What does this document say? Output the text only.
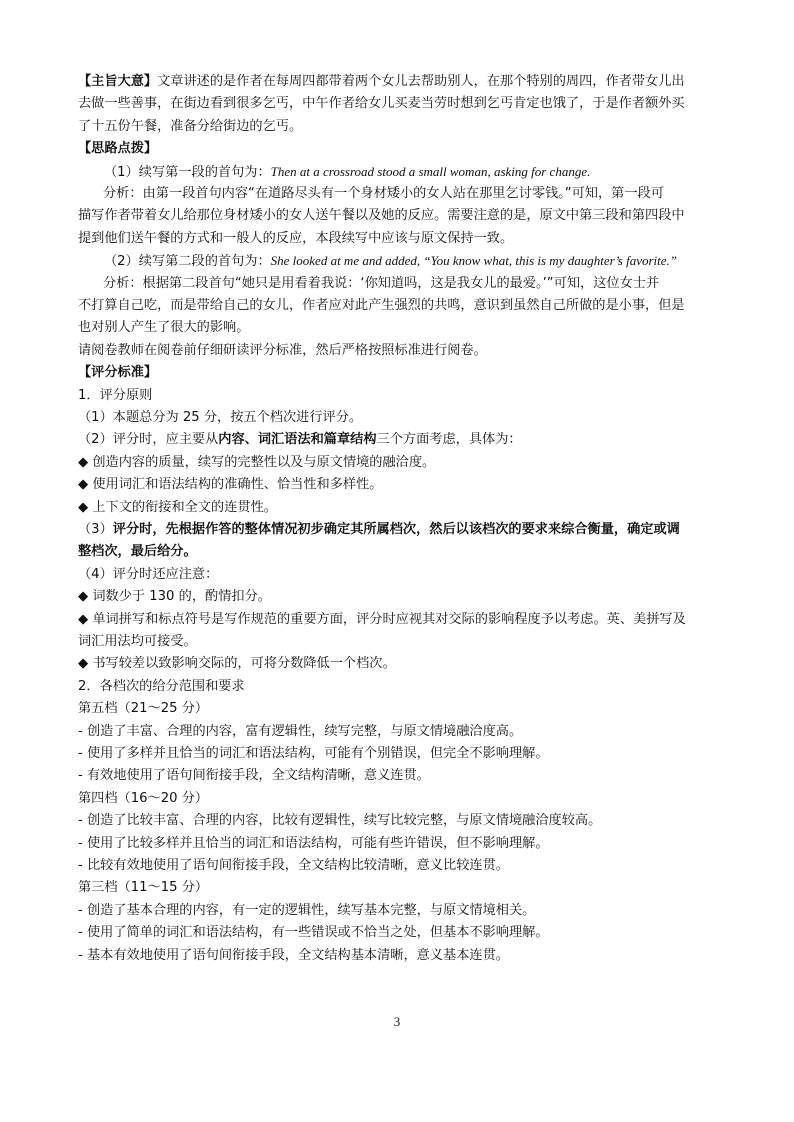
【主旨大意】文章讲述的是作者在每周四都带着两个女儿去帮助别人，在那个特别的周四，作者带女儿出
去做一些善事，在街边看到很多乞丐，中午作者给女儿买麦当劳时想到乞丐肯定也饿了，于是作者额外买
了十五份午餐，准备分给街边的乞丐。
【思路点拨】
（1）续写第一段的首句为：Then at a crossroad stood a small woman, asking for change.
分析：由第一段首句内容“在道路尽头有一个身材矮小的女人站在那里乞讨零钱。”可知，第一段可
描写作者带着女儿给那位身材矮小的女人送午餐以及她的反应。需要注意的是，原文中第三段和第四段中
提到他们送午餐的方式和一般人的反应，本段续写中应该与原文保持一致。
（2）续写第二段的首句为：She looked at me and added, “You know what, this is my daughter’s favorite.”
分析：根据第二段首句“她只是用看着我说：‘你知道吗，这是我女儿的最爱。’”可知，这位女士并
不打算自己吃，而是带给自己的女儿，作者应对此产生强烈的共鸣，意识到虽然自己所做的是小事，但是
也对别人产生了很大的影响。
请阅卷教师在阅卷前仔细研读评分标准，然后严格按照标准进行阅卷。
【评分标准】
1．评分原则
（1）本题总分为 25 分，按五个档次进行评分。
（2）评分时，应主要从内容、词汇语法和篇章结构三个方面考虑，具体为：
◆ 创造内容的质量，续写的完整性以及与原文情境的融洽度。
◆ 使用词汇和语法结构的准确性、恰当性和多样性。
◆ 上下文的衔接和全文的连贯性。
（3）评分时，先根据作答的整体情况初步确定其所属档次，然后以该档次的要求来综合衡量，确定或调
整档次，最后给分。
（4）评分时还应注意：
◆ 词数少于 130 的，酌情扣分。
◆ 单词拼写和标点符号是写作规范的重要方面，评分时应视其对交际的影响程度予以考虑。英、美拼写及
词汇用法均可接受。
◆ 书写较差以致影响交际的，可将分数降低一个档次。
2．各档次的给分范围和要求
第五档（21～25 分）
- 创造了丰富、合理的内容，富有逻辑性，续写完整，与原文情境融洽度高。
- 使用了多样并且恰当的词汇和语法结构，可能有个别错误，但完全不影响理解。
- 有效地使用了语句间衔接手段，全文结构清晰，意义连贯。
第四档（16～20 分）
- 创造了比较丰富、合理的内容，比较有逻辑性，续写比较完整，与原文情境融洽度较高。
- 使用了比较多样并且恰当的词汇和语法结构，可能有些许错误，但不影响理解。
- 比较有效地使用了语句间衔接手段，全文结构比较清晰，意义比较连贯。
第三档（11～15 分）
- 创造了基本合理的内容，有一定的逻辑性，续写基本完整，与原文情境相关。
- 使用了简单的词汇和语法结构，有一些错误或不恰当之处，但基本不影响理解。
- 基本有效地使用了语句间衔接手段，全文结构基本清晰，意义基本连贯。
3
